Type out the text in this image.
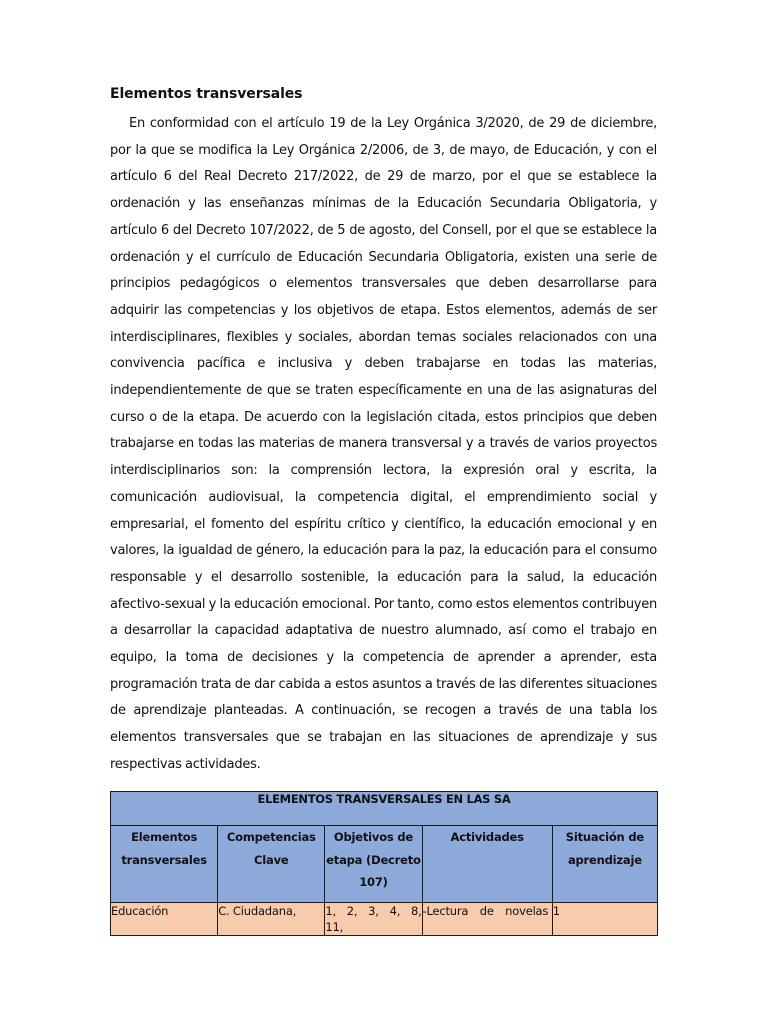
Elementos transversales

En conformidad con el artículo 19 de la Ley Orgánica 3/2020, de 29 de diciembre, por la que se modifica la Ley Orgánica 2/2006, de 3, de mayo, de Educación, y con el artículo 6 del Real Decreto 217/2022, de 29 de marzo, por el que se establece la ordenación y las enseñanzas mínimas de la Educación Secundaria Obligatoria, y artículo 6 del Decreto 107/2022, de 5 de agosto, del Consell, por el que se establece la ordenación y el currículo de Educación Secundaria Obligatoria, existen una serie de principios pedagógicos o elementos transversales que deben desarrollarse para adquirir las competencias y los objetivos de etapa. Estos elementos, además de ser interdisciplinares, flexibles y sociales, abordan temas sociales relacionados con una convivencia pacífica e inclusiva y deben trabajarse en todas las materias, independientemente de que se traten específicamente en una de las asignaturas del curso o de la etapa. De acuerdo con la legislación citada, estos principios que deben trabajarse en todas las materias de manera transversal y a través de varios proyectos interdisciplinarios son: la comprensión lectora, la expresión oral y escrita, la comunicación audiovisual, la competencia digital, el emprendimiento social y empresarial, el fomento del espíritu crítico y científico, la educación emocional y en valores, la igualdad de género, la educación para la paz, la educación para el consumo responsable y el desarrollo sostenible, la educación para la salud, la educación afectivo-sexual y la educación emocional. Por tanto, como estos elementos contribuyen a desarrollar la capacidad adaptativa de nuestro alumnado, así como el trabajo en equipo, la toma de decisiones y la competencia de aprender a aprender, esta programación trata de dar cabida a estos asuntos a través de las diferentes situaciones de aprendizaje planteadas. A continuación, se recogen a través de una tabla los elementos transversales que se trabajan en las situaciones de aprendizaje y sus respectivas actividades.

ELEMENTOS TRANSVERSALES EN LAS SA				
Elementos transversales	Competencias Clave	Objetivos de etapa (Decreto 107)	Actividades	Situación de aprendizaje
Educación	C. Ciudadana,	1, 2, 3, 4, 8, 11,	-Lectura de novelas	1
